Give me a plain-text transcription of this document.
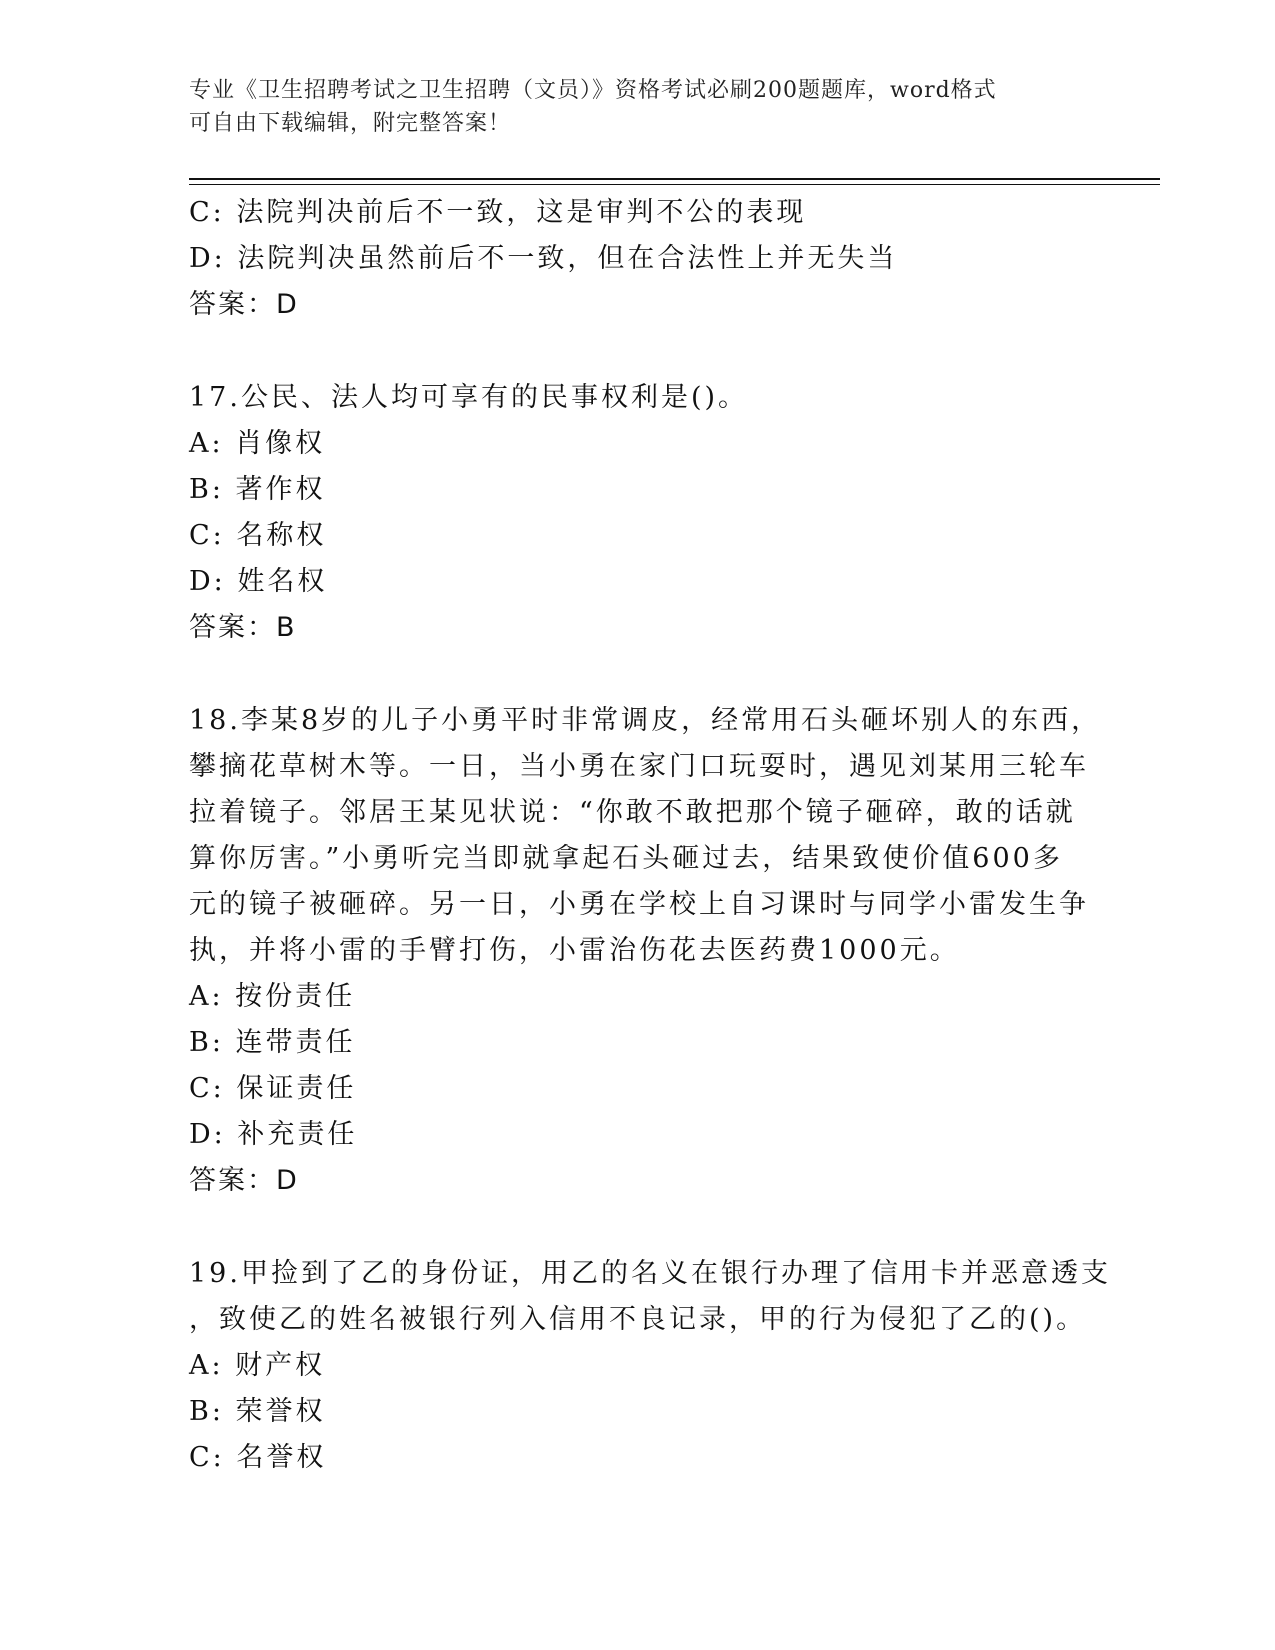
专业《卫生招聘考试之卫生招聘（文员）》资格考试必刷200题题库，word格式
可自由下载编辑，附完整答案！
C: 法院判决前后不一致，这是审判不公的表现
D: 法院判决虽然前后不一致，但在合法性上并无失当
答案：D
17.公民、法人均可享有的民事权利是()。
A: 肖像权
B: 著作权
C: 名称权
D: 姓名权
答案：B
18.李某8岁的儿子小勇平时非常调皮，经常用石头砸坏别人的东西，
攀摘花草树木等。一日，当小勇在家门口玩耍时，遇见刘某用三轮车
拉着镜子。邻居王某见状说：“你敢不敢把那个镜子砸碎，敢的话就
算你厉害。”小勇听完当即就拿起石头砸过去，结果致使价值600多
元的镜子被砸碎。另一日，小勇在学校上自习课时与同学小雷发生争
执，并将小雷的手臂打伤，小雷治伤花去医药费1000元。
A: 按份责任
B: 连带责任
C: 保证责任
D: 补充责任
答案：D
19.甲捡到了乙的身份证，用乙的名义在银行办理了信用卡并恶意透支
，致使乙的姓名被银行列入信用不良记录，甲的行为侵犯了乙的()。
A: 财产权
B: 荣誉权
C: 名誉权
